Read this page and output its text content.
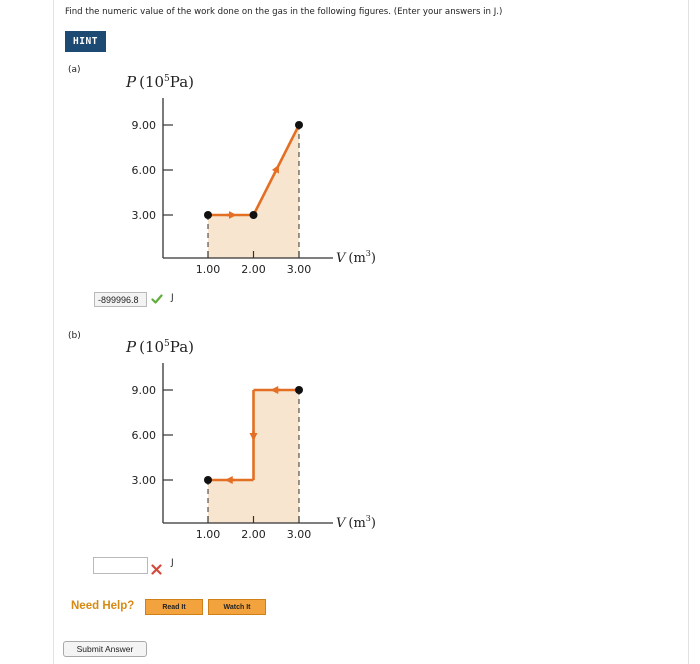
Find the numeric value of the work done on the gas in the following figures. (Enter your answers in J.)
HINT
(a)
P $(10^5Pa)$
9.00
6.00
3.00
1.00 2.00 3.00
V $(m^3)$
P $(10^5Pa)$
9.00
6.00
3.00
1.00 2.00 3.00
V $(m^3)$
-899996.8	J
(b)
J
Need Help?	Read It	Watch It
Submit Answer
